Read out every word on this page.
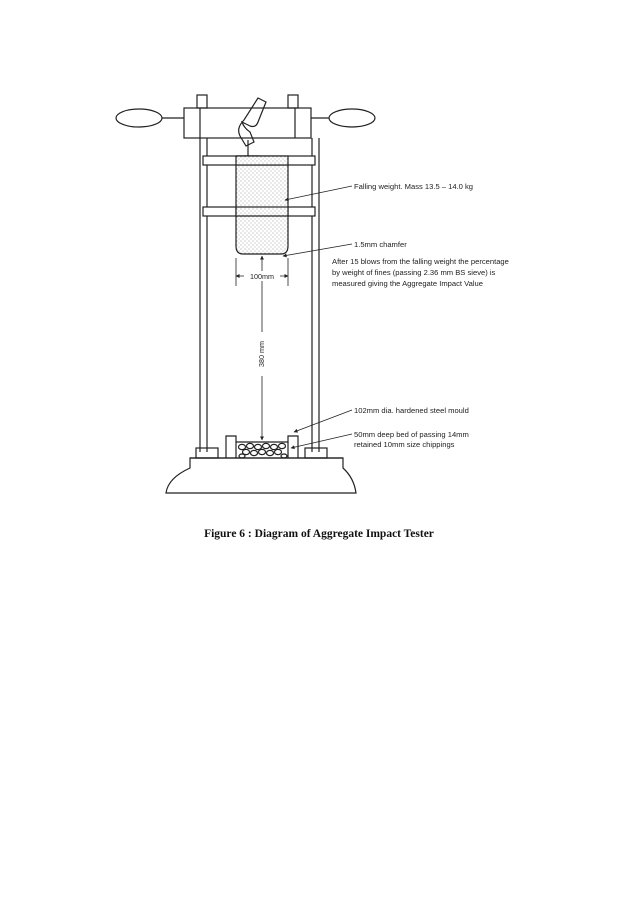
100mm
380 mm
Falling weight. Mass 13.5 – 14.0 kg
1.5mm chamfer
After 15 blows from the falling weight the percentage
by weight of fines (passing 2.36 mm BS sieve) is
measured giving the Aggregate Impact Value
102mm dia. hardened steel mould
50mm deep bed of passing 14mm
retained 10mm size chippings
Figure 6 : Diagram of Aggregate Impact Tester
